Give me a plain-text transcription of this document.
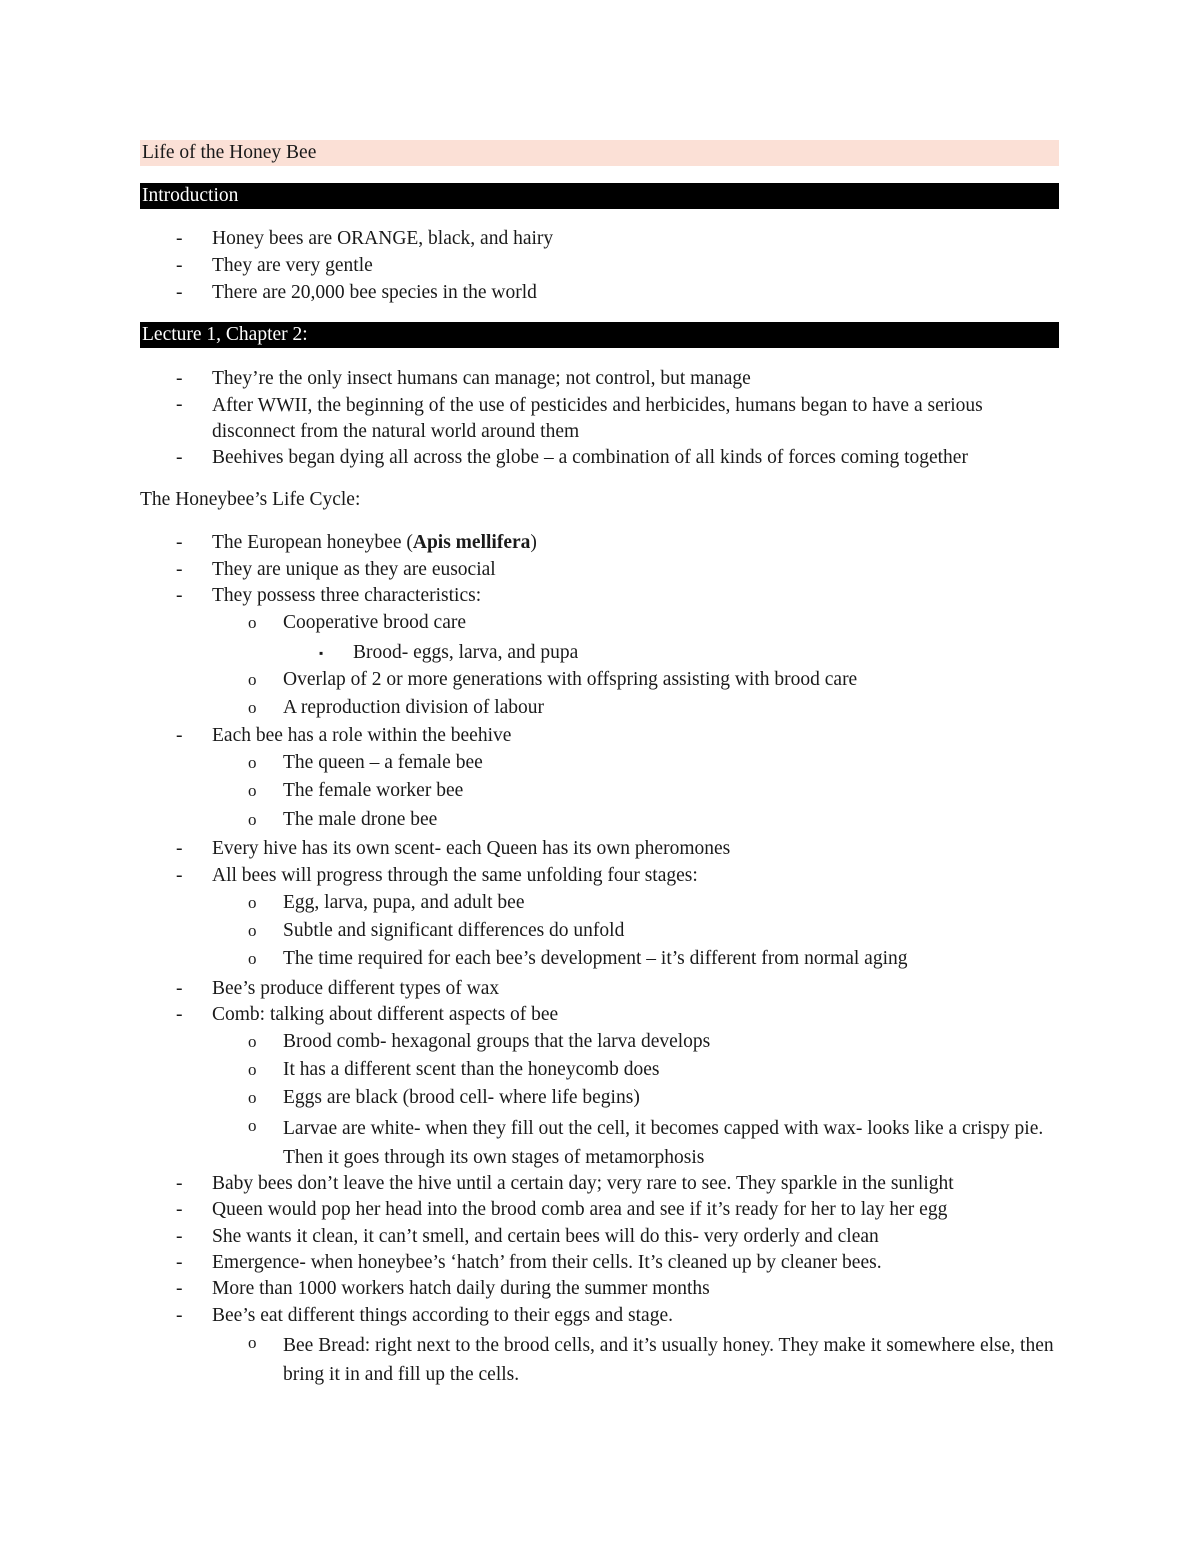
Life of the Honey Bee
Introduction
- Honey bees are ORANGE, black, and hairy
- They are very gentle
- There are 20,000 bee species in the world
Lecture 1, Chapter 2:
- They’re the only insect humans can manage; not control, but manage
- After WWII, the beginning of the use of pesticides and herbicides, humans began to have a serious disconnect from the natural world around them
- Beehives began dying all across the globe – a combination of all kinds of forces coming together
The Honeybee’s Life Cycle:
- The European honeybee (Apis mellifera)
- They are unique as they are eusocial
- They possess three characteristics:
o Cooperative brood care
▪ Brood- eggs, larva, and pupa
o Overlap of 2 or more generations with offspring assisting with brood care
o A reproduction division of labour
- Each bee has a role within the beehive
o The queen – a female bee
o The female worker bee
o The male drone bee
- Every hive has its own scent- each Queen has its own pheromones
- All bees will progress through the same unfolding four stages:
o Egg, larva, pupa, and adult bee
o Subtle and significant differences do unfold
o The time required for each bee’s development – it’s different from normal aging
- Bee’s produce different types of wax
- Comb: talking about different aspects of bee
o Brood comb- hexagonal groups that the larva develops
o It has a different scent than the honeycomb does
o Eggs are black (brood cell- where life begins)
o Larvae are white- when they fill out the cell, it becomes capped with wax- looks like a crispy pie. Then it goes through its own stages of metamorphosis
- Baby bees don’t leave the hive until a certain day; very rare to see. They sparkle in the sunlight
- Queen would pop her head into the brood comb area and see if it’s ready for her to lay her egg
- She wants it clean, it can’t smell, and certain bees will do this- very orderly and clean
- Emergence- when honeybee’s ‘hatch’ from their cells. It’s cleaned up by cleaner bees.
- More than 1000 workers hatch daily during the summer months
- Bee’s eat different things according to their eggs and stage.
o Bee Bread: right next to the brood cells, and it’s usually honey. They make it somewhere else, then bring it in and fill up the cells.
